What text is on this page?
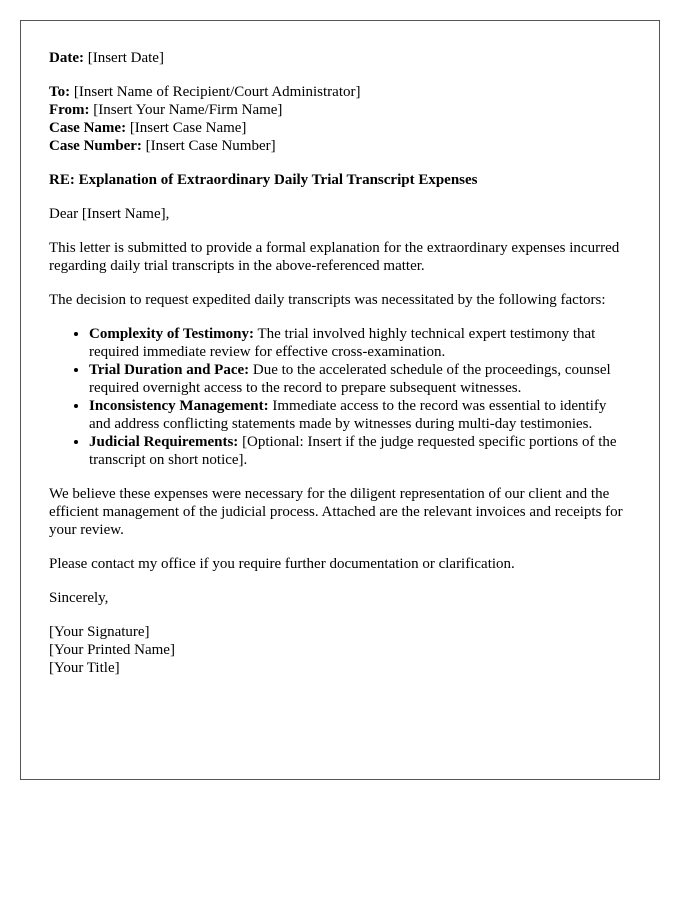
Date: [Insert Date]
To: [Insert Name of Recipient/Court Administrator]
From: [Insert Your Name/Firm Name]
Case Name: [Insert Case Name]
Case Number: [Insert Case Number]

RE: Explanation of Extraordinary Daily Trial Transcript Expenses

Dear [Insert Name],

This letter is submitted to provide a formal explanation for the extraordinary expenses incurred regarding daily trial transcripts in the above-referenced matter.

The decision to request expedited daily transcripts was necessitated by the following factors:

• Complexity of Testimony: The trial involved highly technical expert testimony that required immediate review for effective cross-examination.
• Trial Duration and Pace: Due to the accelerated schedule of the proceedings, counsel required overnight access to the record to prepare subsequent witnesses.
• Inconsistency Management: Immediate access to the record was essential to identify and address conflicting statements made by witnesses during multi-day testimonies.
• Judicial Requirements: [Optional: Insert if the judge requested specific portions of the transcript on short notice].

We believe these expenses were necessary for the diligent representation of our client and the efficient management of the judicial process. Attached are the relevant invoices and receipts for your review.

Please contact my office if you require further documentation or clarification.

Sincerely,

[Your Signature]
[Your Printed Name]
[Your Title]
